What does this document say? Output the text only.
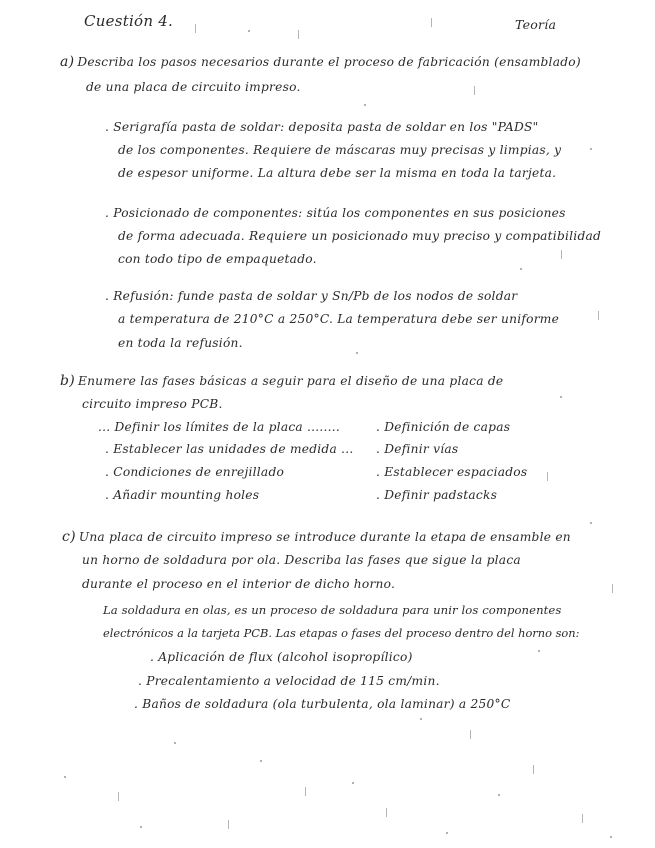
Cuestión 4.	Teoría
a) Describa los pasos necesarios durante el proceso de fabricación (ensamblado)
de una placa de circuito impreso.
. Serigrafía pasta de soldar: deposita pasta de soldar en los "PADS"
de los componentes. Requiere de máscaras muy precisas y limpias, y
de espesor uniforme. La altura debe ser la misma en toda la tarjeta.
. Posicionado de componentes: sitúa los componentes en sus posiciones
de forma adecuada. Requiere un posicionado muy preciso y compatibilidad
con todo tipo de empaquetado.
. Refusión: funde pasta de soldar y Sn/Pb de los nodos de soldar
a temperatura de 210°C a 250°C. La temperatura debe ser uniforme
en toda la refusión.
b) Enumere las fases básicas a seguir para el diseño de una placa de
circuito impreso PCB.
... Definir los límites de la placa ........
. Establecer las unidades de medida ...
. Condiciones de enrejillado
. Añadir mounting holes
. Definición de capas
. Definir vías
. Establecer espaciados
. Definir padstacks
c) Una placa de circuito impreso se introduce durante la etapa de ensamble en
un horno de soldadura por ola. Describa las fases que sigue la placa
durante el proceso en el interior de dicho horno.
La soldadura en olas, es un proceso de soldadura para unir los componentes
electrónicos a la tarjeta PCB. Las etapas o fases del proceso dentro del horno son:
. Aplicación de flux (alcohol isopropílico)
. Precalentamiento a velocidad de 115 cm/min.
. Baños de soldadura (ola turbulenta, ola laminar) a 250°C
